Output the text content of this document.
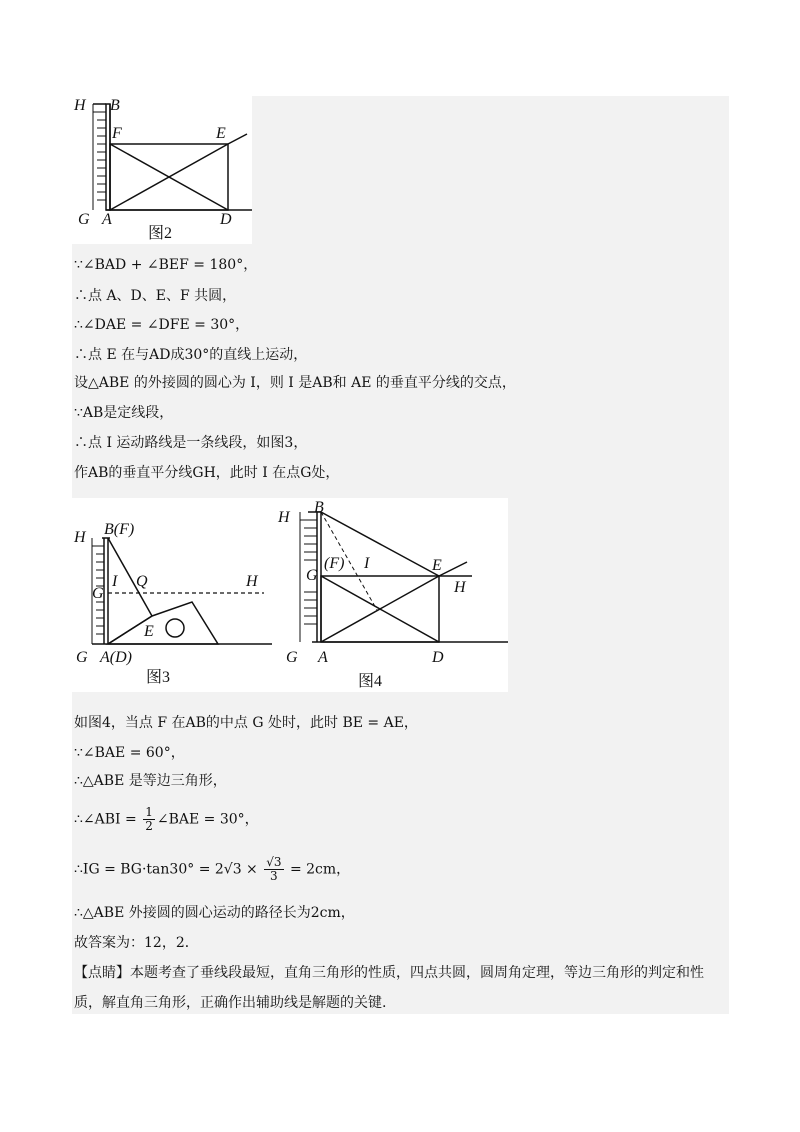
H B
F	E
G A	D
图2
∵∠BAD + ∠BEF = 180°，
∴点 A、D、E、F 共圆，
∴∠DAE = ∠DFE = 30°，
∴点 E 在与AD成30°的直线上运动，
设△ABE 的外接圆的圆心为 I，则 I 是AB和 AE 的垂直平分线的交点，
∵AB是定线段，
∴点 I 运动路线是一条线段，如图3，
作AB的垂直平分线GH，此时 I 在点G处，
H B(F)
I Q
G
H
E
G A(D)
图3
H
B
(F) I	E
G
H
G A	D
图4
如图4，当点 F 在AB的中点 G 处时，此时 BE = AE，
∵∠BAE = 60°，
∴△ABE 是等边三角形，
∴∠ABI = $\frac{1}{2}$ ∠BAE = 30°，
∴IG = $BG\cdot\tan 30^\circ = 2√3 \times \frac{√3}{3} = 2cm$，
∴△ABE 外接圆的圆心运动的路径长为2cm，
故答案为：12，2．
【点睛】本题考查了垂线段最短，直角三角形的性质，四点共圆，圆周角定理，等边三角形的判定和性质，解直角三角形，正确作出辅助线是解题的关键.
